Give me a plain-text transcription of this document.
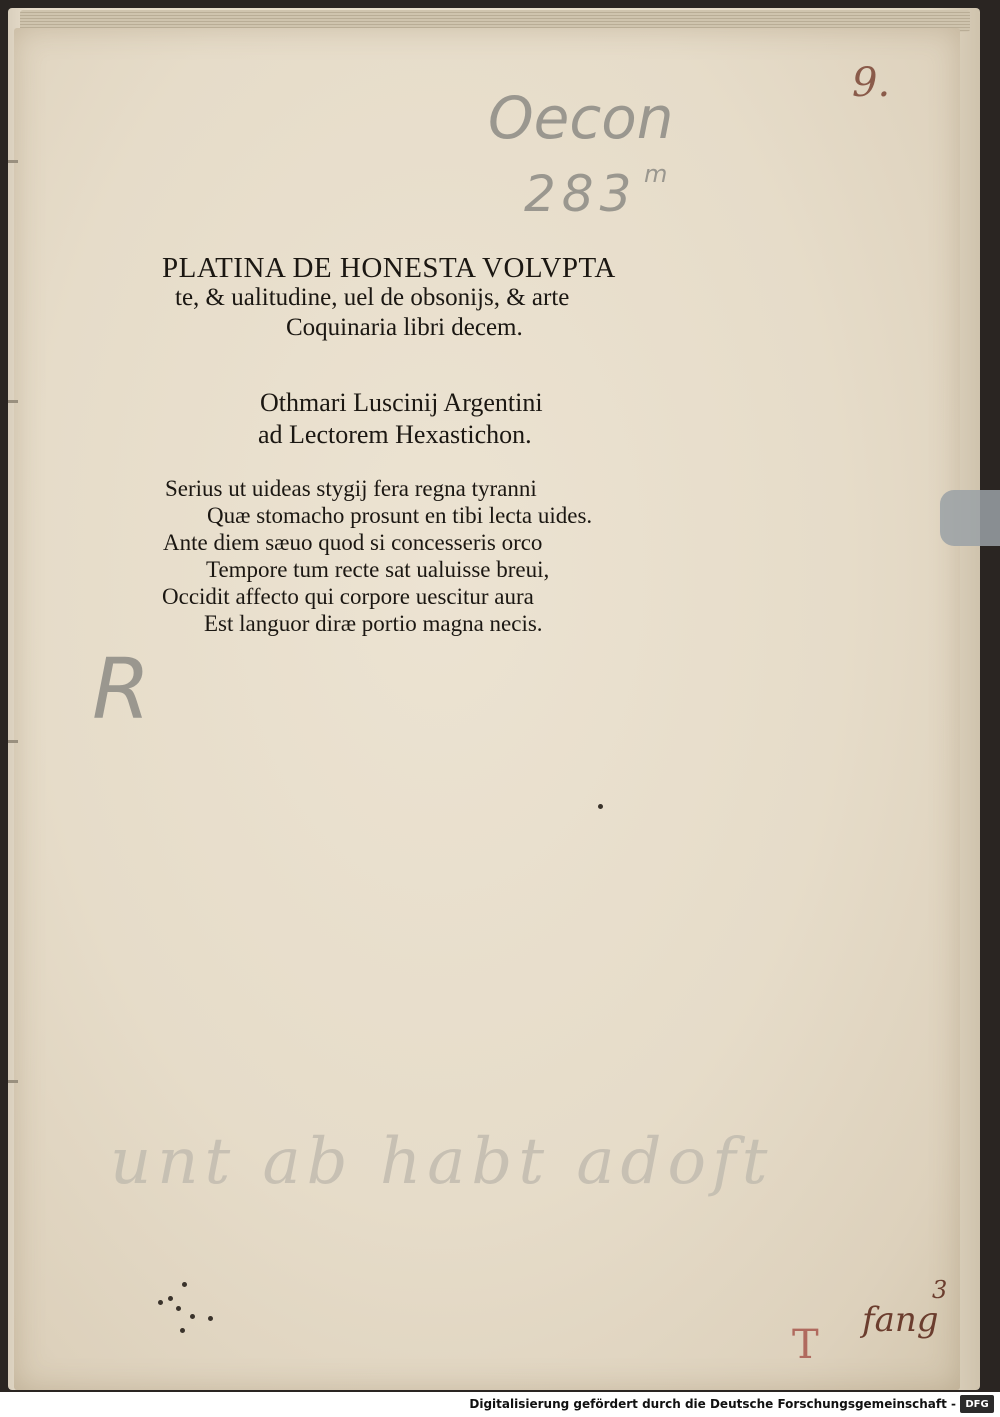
9.
Oecon
283 m
R
PLATINA DE HONESTA VOLVPTA
te, & ualitudine, uel de obsonijs, & arte
Coquinaria libri decem.
Othmari Luscinij Argentini
ad Lectorem Hexastichon.
Serius ut uideas stygij fera regna tyranni
Quæ stomacho prosunt en tibi lecta uides.
Ante diem sæuo quod si concesseris orco
Tempore tum recte sat ualuisse breui,
Occidit affecto qui corpore uescitur aura
Est languor diræ portio magna necis.
unt ab habt adoft
T
fang
3
Digitalisierung gefördert durch die Deutsche Forschungsgemeinschaft - DFG
